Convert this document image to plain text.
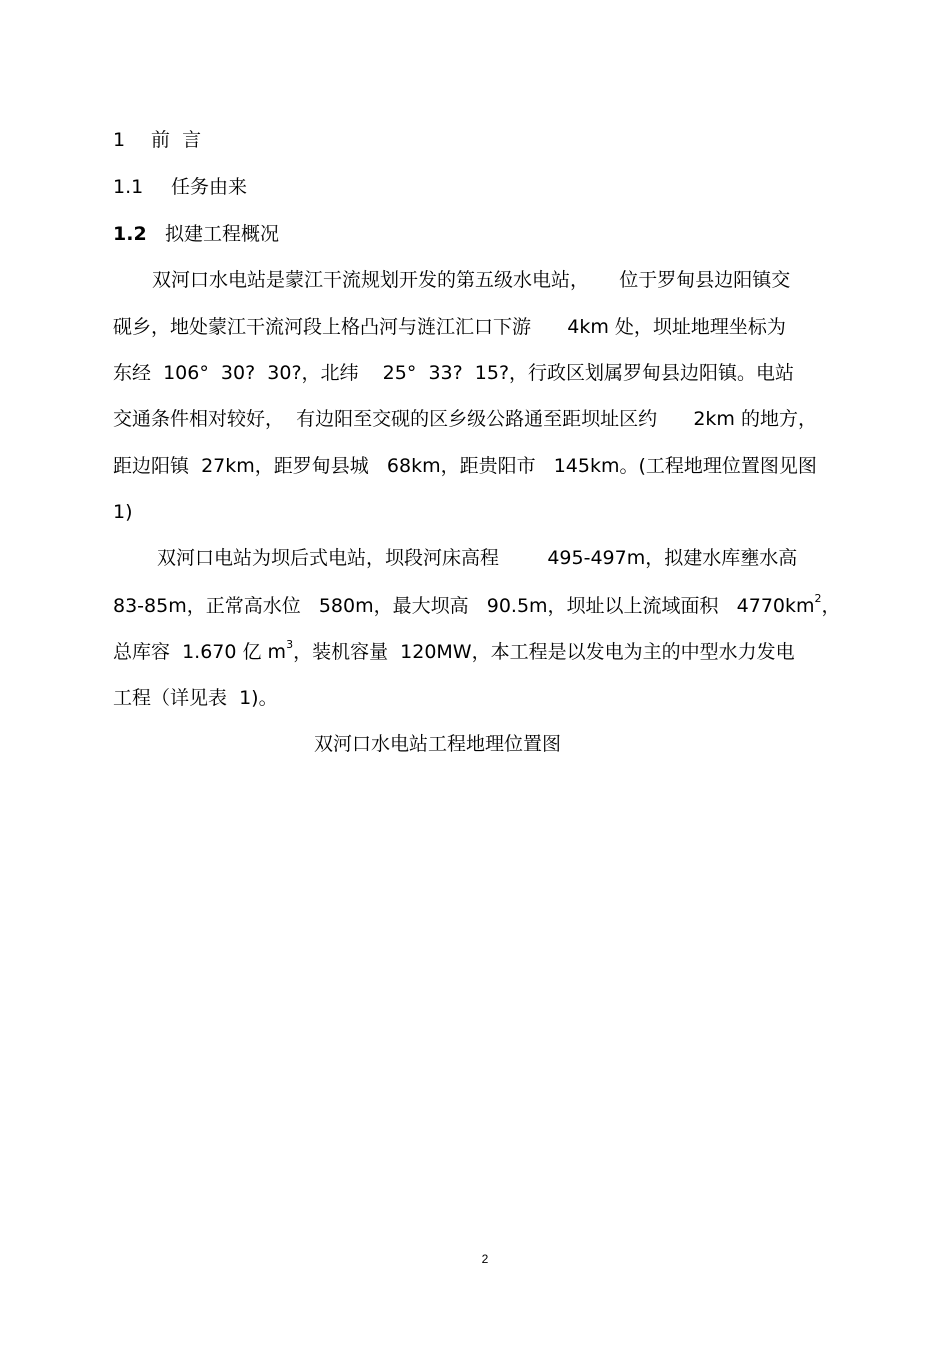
1 前  言
1.1 任务由来
1.2 拟建工程概况
双河口水电站是蒙江干流规划开发的第五级水电站，     位于罗甸县边阳镇交
砚乡，地处蒙江干流河段上格凸河与涟江汇口下游      4km 处，坝址地理坐标为
东经  106°  30?  30?，北纬    25°  33?  15?，行政区划属罗甸县边阳镇。电站
交通条件相对较好，  有边阳至交砚的区乡级公路通至距坝址区约      2km 的地方，
距边阳镇  27km，距罗甸县城   68km，距贵阳市   145km。(工程地理位置图见图
1)
双河口电站为坝后式电站，坝段河床高程        495-497m，拟建水库壅水高
83-85m，正常高水位   580m，最大坝高   90.5m，坝址以上流域面积   $4770km^2$，
总库容  1.670 亿 $m^3$，装机容量  120MW，本工程是以发电为主的中型水力发电
工程（详见表  1)。
双河口水电站工程地理位置图
2
